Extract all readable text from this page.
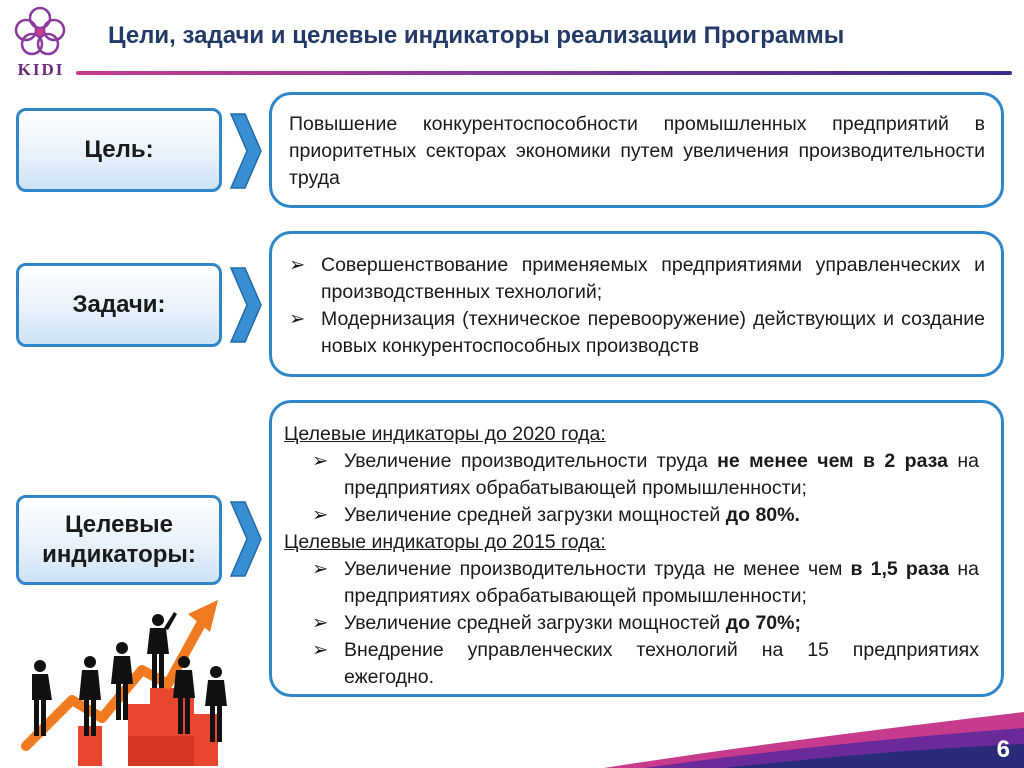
KIDI
Цели, задачи и целевые индикаторы реализации Программы
Цель:
Повышение конкурентоспособности промышленных предприятий в приоритетных секторах экономики путем увеличения производительности труда
Задачи:
➢ Совершенствование применяемых предприятиями управленческих и производственных технологий;
➢ Модернизация (техническое перевооружение) действующих и создание новых конкурентоспособных производств
Целевые
индикаторы:
Целевые индикаторы до 2020 года:
➢ Увеличение производительности труда не менее чем в 2 раза на предприятиях обрабатывающей промышленности;
➢ Увеличение средней загрузки мощностей до 80%.
Целевые индикаторы до 2015 года:
➢ Увеличение производительности труда не менее чем в 1,5 раза на предприятиях обрабатывающей промышленности;
➢ Увеличение средней загрузки мощностей до 70%;
➢ Внедрение управленческих технологий на 15 предприятиях ежегодно.
6
